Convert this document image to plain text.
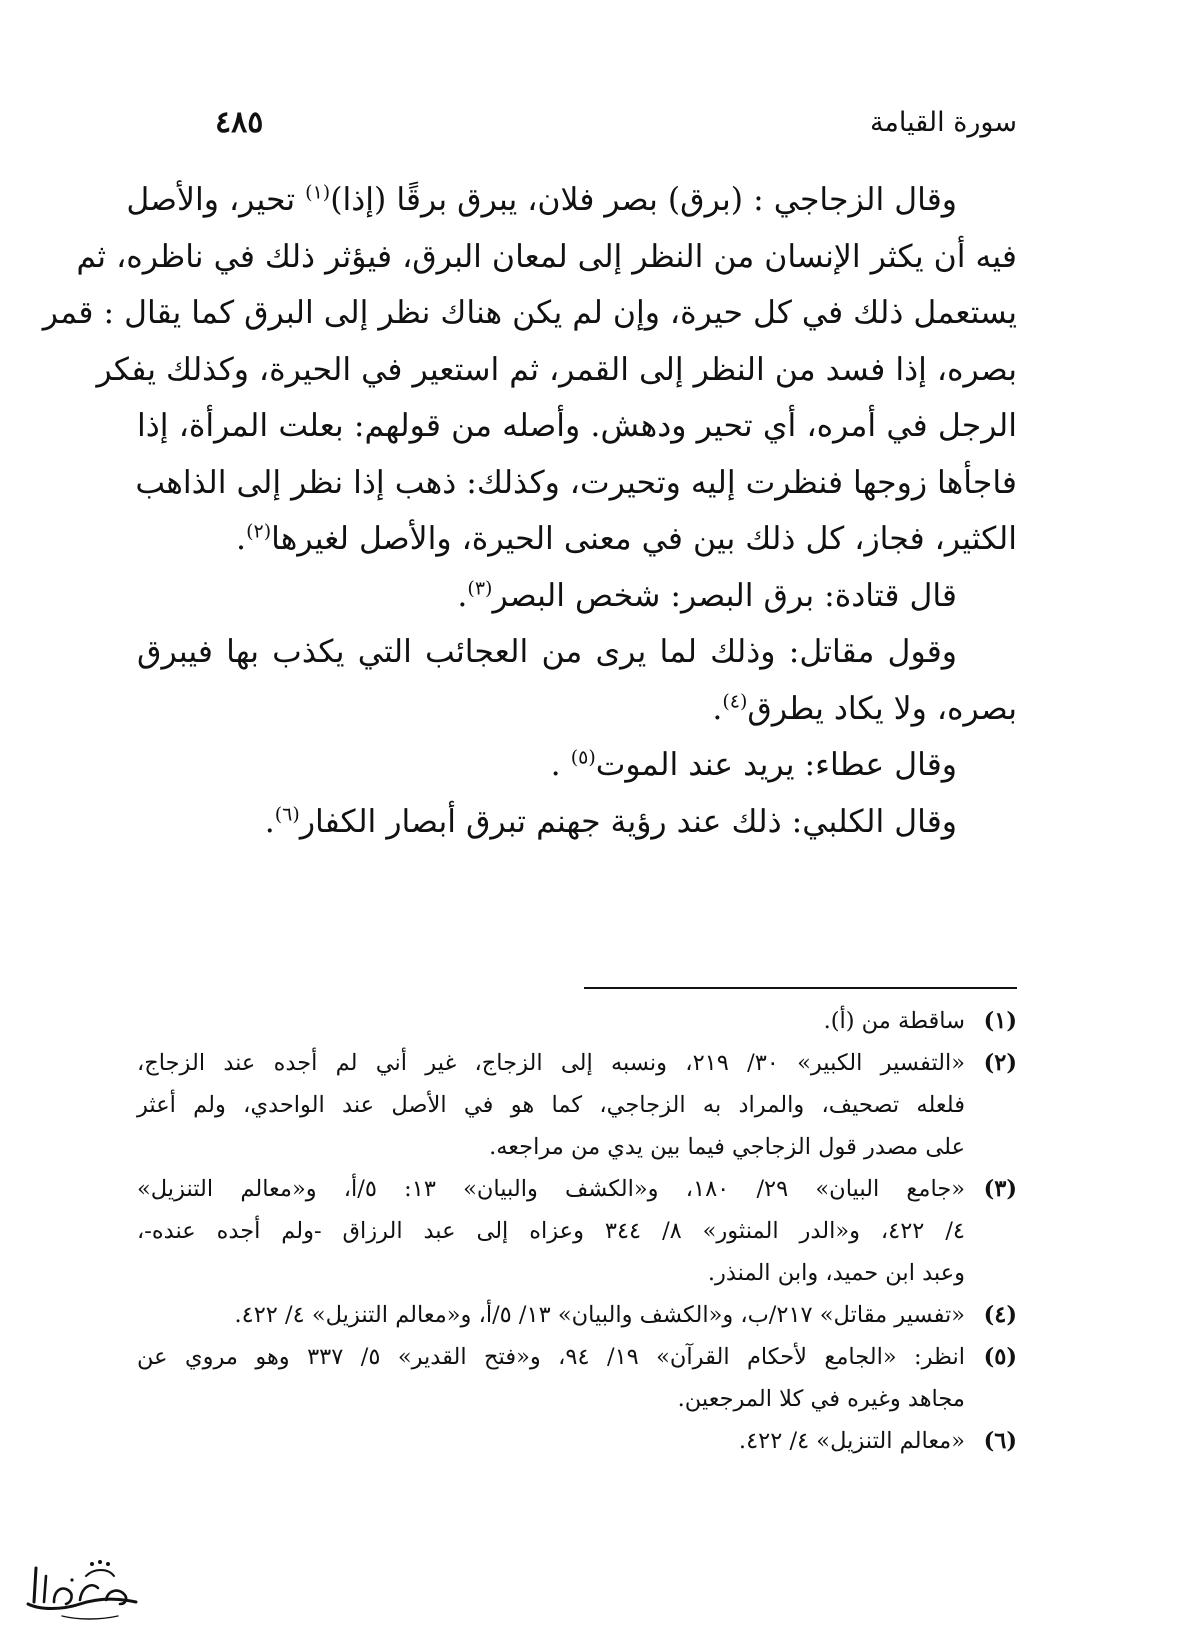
سورة القيامة
٤٨٥
وقال الزجاجي : (برق) بصر فلان، يبرق برقًا (إذا)$^{(١)}$ تحير، والأصل
فيه أن يكثر الإنسان من النظر إلى لمعان البرق، فيؤثر ذلك في ناظره، ثم
يستعمل ذلك في كل حيرة، وإن لم يكن هناك نظر إلى البرق كما يقال : قمر
بصره، إذا فسد من النظر إلى القمر، ثم استعير في الحيرة، وكذلك يفكر
الرجل في أمره، أي تحير ودهش. وأصله من قولهم: بعلت المرأة، إذا
فاجأها زوجها فنظرت إليه وتحيرت، وكذلك: ذهب إذا نظر إلى الذاهب
الكثير، فجاز، كل ذلك بين في معنى الحيرة، والأصل لغيرها$^{(٢)}$.
قال قتادة: برق البصر: شخص البصر$^{(٣)}$.
وقول مقاتل: وذلك لما يرى من العجائب التي يكذب بها فيبرق
بصره، ولا يكاد يطرق$^{(٤)}$.
وقال عطاء: يريد عند الموت$^{(٥)}$ .
وقال الكلبي: ذلك عند رؤية جهنم تبرق أبصار الكفار$^{(٦)}$.
(١)
ساقطة من (أ).
(٢)
«التفسير الكبير» ٣٠/ ٢١٩، ونسبه إلى الزجاج، غير أني لم أجده عند الزجاج،
فلعله تصحيف، والمراد به الزجاجي، كما هو في الأصل عند الواحدي، ولم أعثر
على مصدر قول الزجاجي فيما بين يدي من مراجعه.
(٣)
«جامع البيان» ٢٩/ ١٨٠، و«الكشف والبيان» ١٣: ٥/أ، و«معالم التنزيل»
٤/ ٤٢٢، و«الدر المنثور» ٨/ ٣٤٤ وعزاه إلى عبد الرزاق -ولم أجده عنده-،
وعبد ابن حميد، وابن المنذر.
(٤)
«تفسير مقاتل» ٢١٧/ب، و«الكشف والبيان» ١٣/ ٥/أ، و«معالم التنزيل» ٤/ ٤٢٢.
(٥)
انظر: «الجامع لأحكام القرآن» ١٩/ ٩٤، و«فتح القدير» ٥/ ٣٣٧ وهو مروي عن
مجاهد وغيره في كلا المرجعين.
(٦)
«معالم التنزيل» ٤/ ٤٢٢.
